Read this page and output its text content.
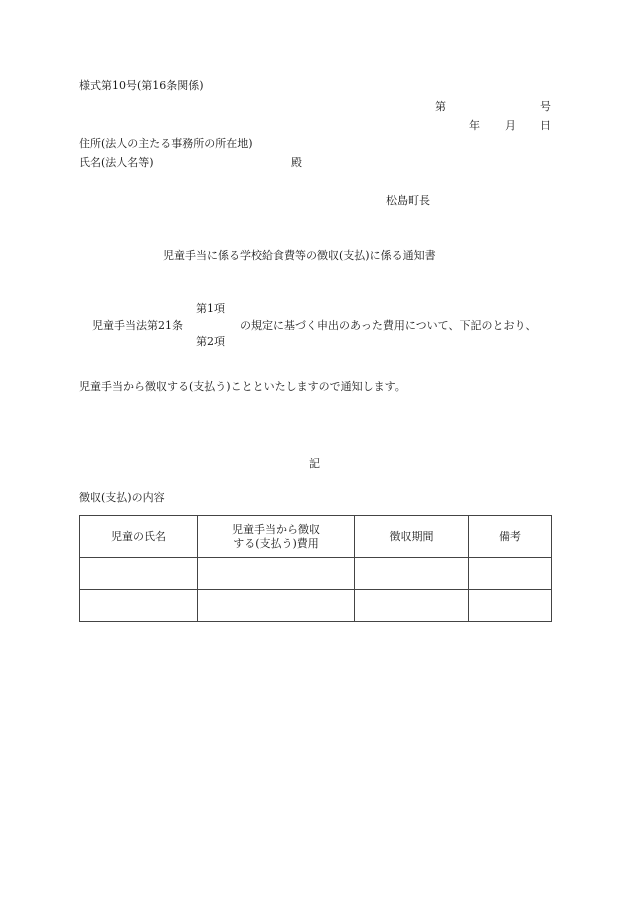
様式第10号(第16条関係)
第	号
年 月 日
住所(法人の主たる事務所の所在地)
氏名(法人名等)	殿
松島町長
児童手当に係る学校給食費等の徴収(支払)に係る通知書
第1項
児童手当法第21条	の規定に基づく申出のあった費用について、下記のとおり、
第2項
児童手当から徴収する(支払う)ことといたしますので通知します。
記
徴収(支払)の内容
児童の氏名	児童手当から徴収
する(支払う)費用	徴収期間	備考
